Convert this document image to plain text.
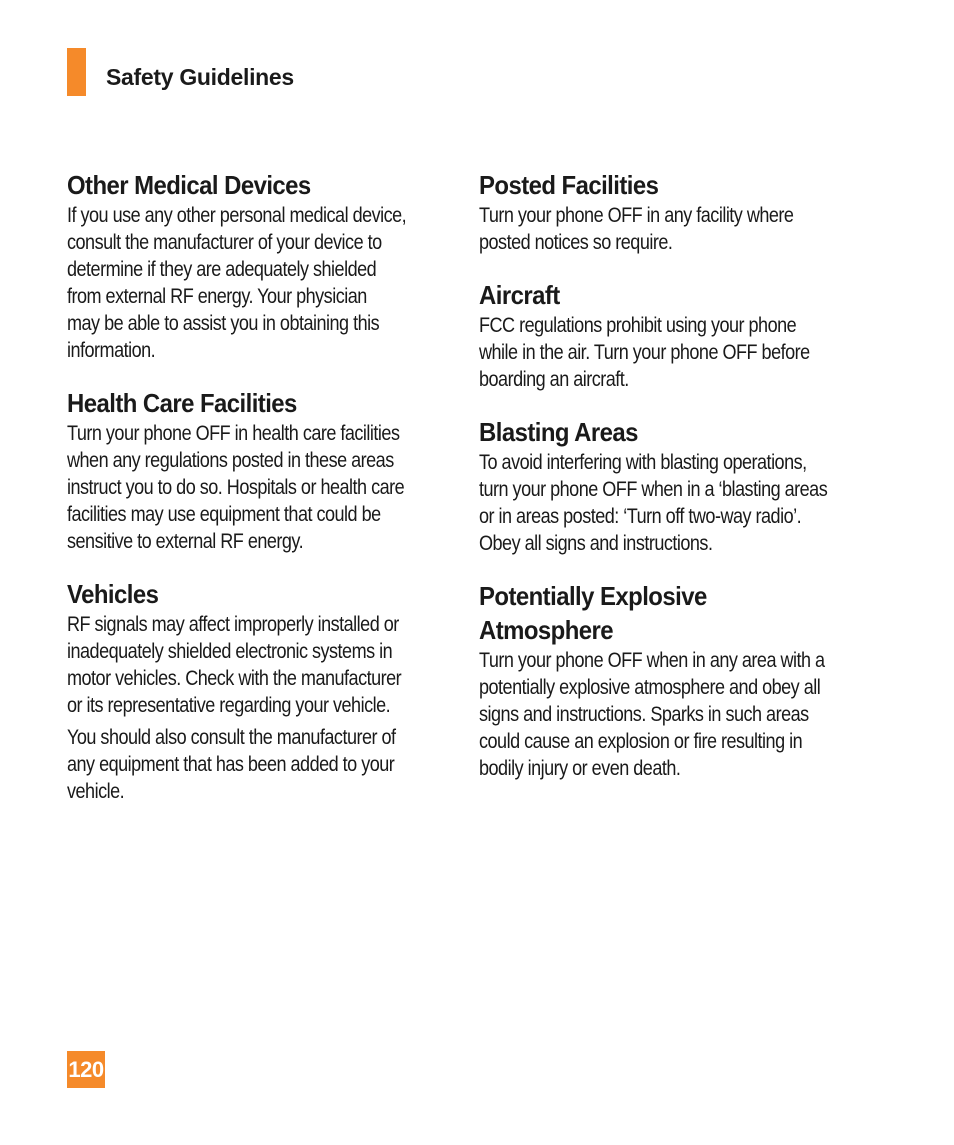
Safety Guidelines
Other Medical Devices

If you use any other personal medical device,
consult the manufacturer of your device to
determine if they are adequately shielded
from external RF energy. Your physician
may be able to assist you in obtaining this
information.

Health Care Facilities

Turn your phone OFF in health care facilities
when any regulations posted in these areas
instruct you to do so. Hospitals or health care
facilities may use equipment that could be
sensitive to external RF energy.

Vehicles

RF signals may affect improperly installed or
inadequately shielded electronic systems in
motor vehicles. Check with the manufacturer
or its representative regarding your vehicle.

You should also consult the manufacturer of
any equipment that has been added to your
vehicle.

Posted Facilities

Turn your phone OFF in any facility where
posted notices so require.

Aircraft

FCC regulations prohibit using your phone
while in the air. Turn your phone OFF before
boarding an aircraft.

Blasting Areas

To avoid interfering with blasting operations,
turn your phone OFF when in a ‘blasting areas
or in areas posted: ‘Turn off two-way radio’.
Obey all signs and instructions.

Potentially Explosive
Atmosphere

Turn your phone OFF when in any area with a
potentially explosive atmosphere and obey all
signs and instructions. Sparks in such areas
could cause an explosion or fire resulting in
bodily injury or even death.

120
